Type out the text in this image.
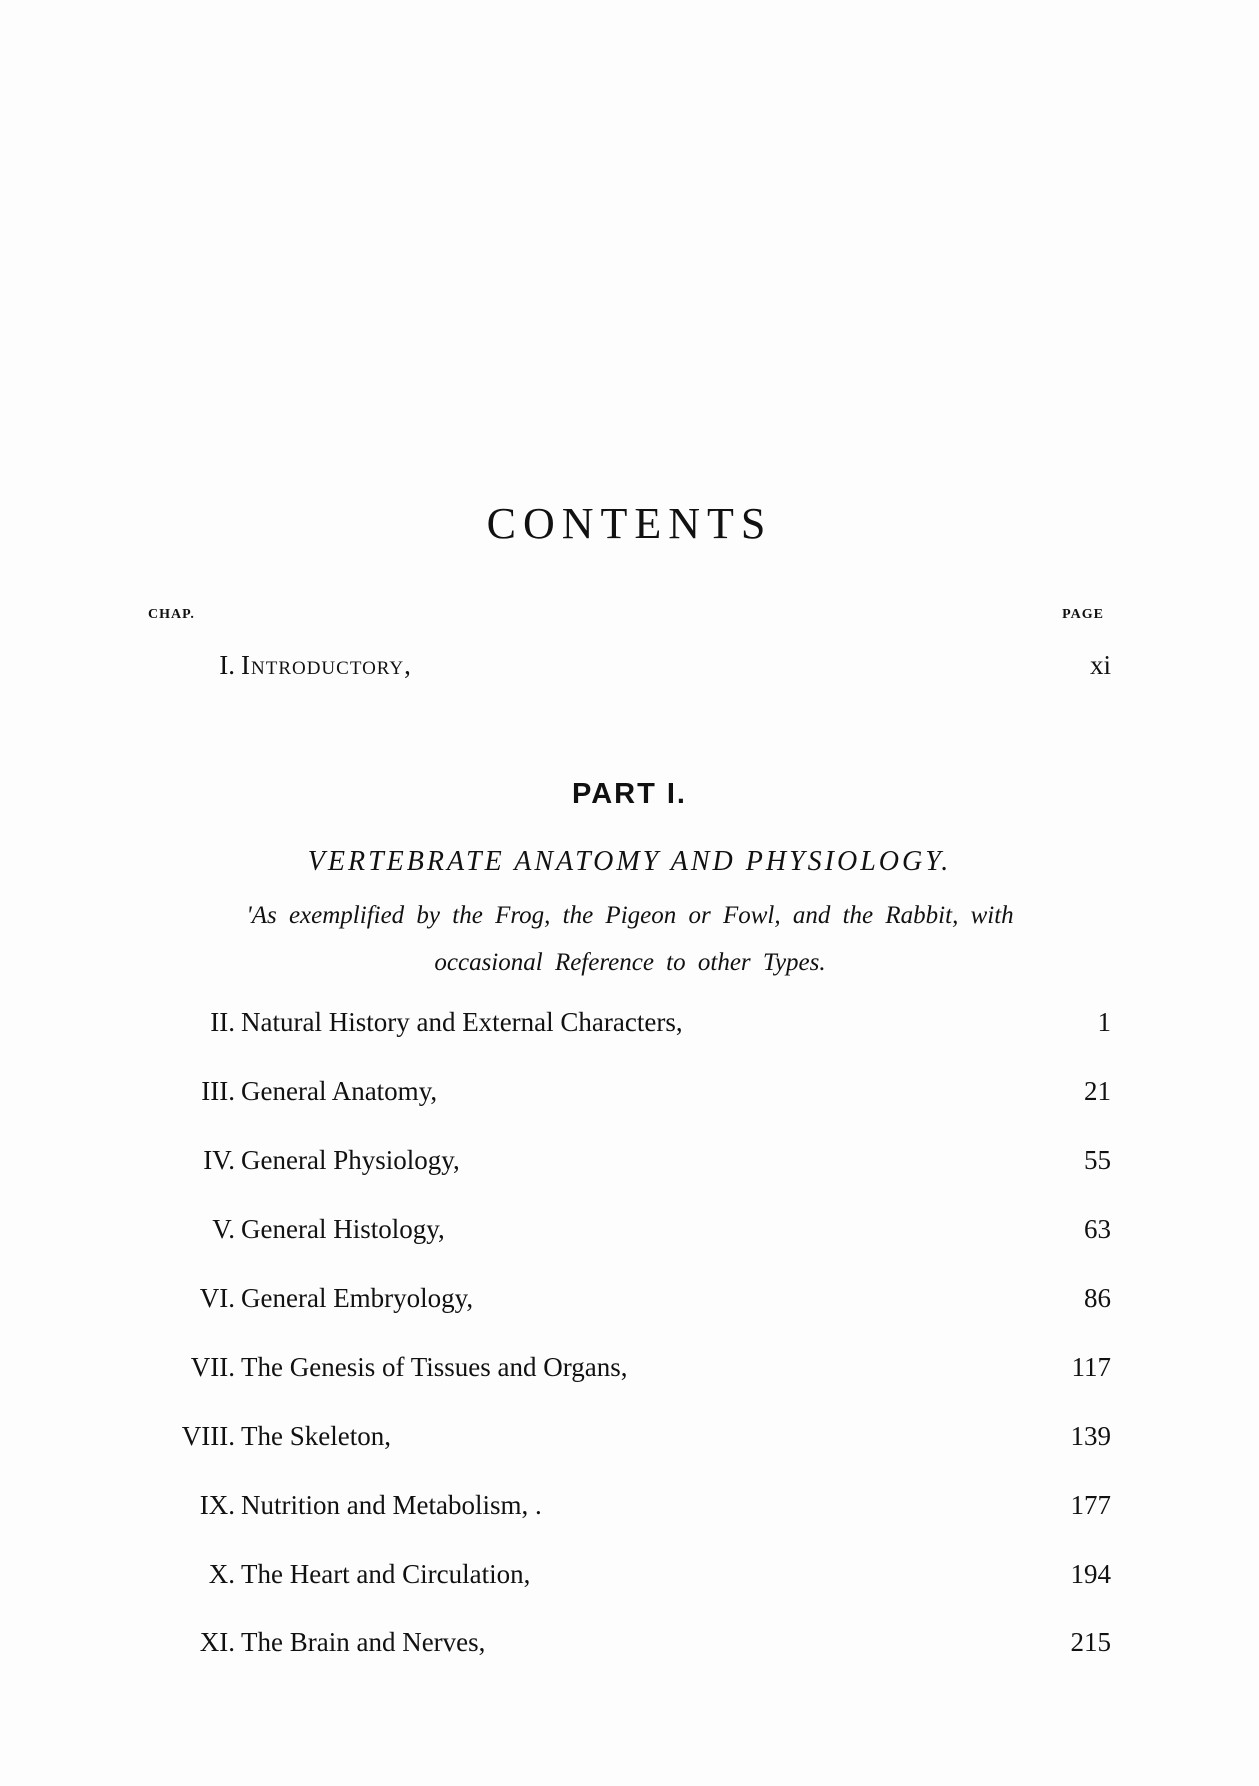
CONTENTS
CHAP.	PAGE
I. Introductory,	xi
PART I.
VERTEBRATE ANATOMY AND PHYSIOLOGY.
'As exemplified by the Frog, the Pigeon or Fowl, and the Rabbit, with occasional Reference to other Types.
II. Natural History and External Characters,	1
III. General Anatomy,	21
IV. General Physiology,	55
V. General Histology,	63
VI. General Embryology,	86
VII. The Genesis of Tissues and Organs,	117
VIII. The Skeleton,	139
IX. Nutrition and Metabolism, .	177
X. The Heart and Circulation,	194
XI. The Brain and Nerves,	215
